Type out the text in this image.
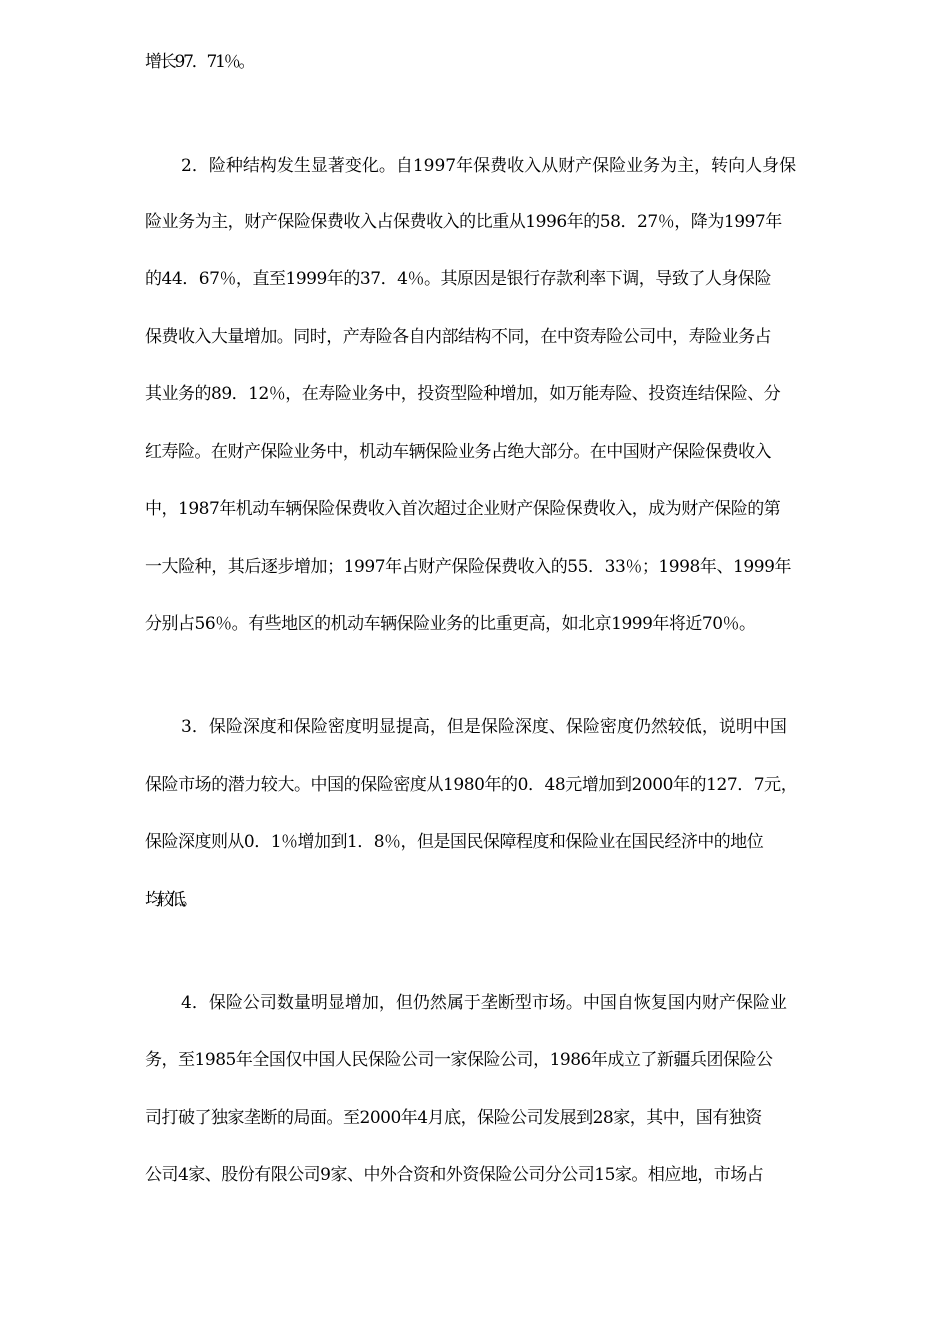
增长97．71％。
2．险种结构发生显著变化。自1997年保费收入从财产保险业务为主，转向人身保
险业务为主，财产保险保费收入占保费收入的比重从1996年的58．27％，降为1997年
的44．67％，直至1999年的37．4％。其原因是银行存款利率下调，导致了人身保险
保费收入大量增加。同时，产寿险各自内部结构不同，在中资寿险公司中，寿险业务占
其业务的89．12％，在寿险业务中，投资型险种增加，如万能寿险、投资连结保险、分
红寿险。在财产保险业务中，机动车辆保险业务占绝大部分。在中国财产保险保费收入
中，1987年机动车辆保险保费收入首次超过企业财产保险保费收入，成为财产保险的第
一大险种，其后逐步增加；1997年占财产保险保费收入的55．33％；1998年、1999年
分别占56％。有些地区的机动车辆保险业务的比重更高，如北京1999年将近70％。
3．保险深度和保险密度明显提高，但是保险深度、保险密度仍然较低，说明中国
保险市场的潜力较大。中国的保险密度从1980年的0．48元增加到2000年的127．7元，
保险深度则从0．1％增加到1．8％，但是国民保障程度和保险业在国民经济中的地位
均较低。
4．保险公司数量明显增加，但仍然属于垄断型市场。中国自恢复国内财产保险业
务，至1985年全国仅中国人民保险公司一家保险公司，1986年成立了新疆兵团保险公
司打破了独家垄断的局面。至2000年4月底，保险公司发展到28家，其中，国有独资
公司4家、股份有限公司9家、中外合资和外资保险公司分公司15家。相应地，市场占
